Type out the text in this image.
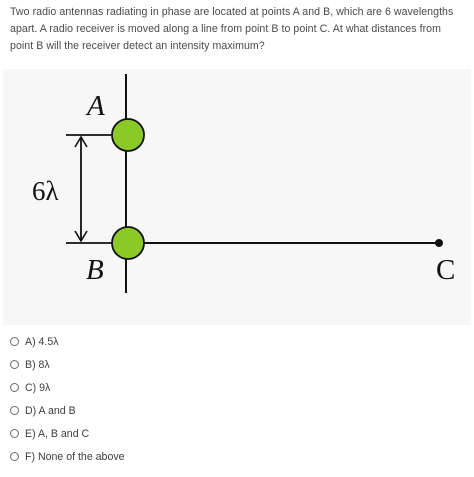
Two radio antennas radiating in phase are located at points A and B, which are 6 wavelengths apart. A radio receiver is moved along a line from point B to point C. At what distances from point B will the receiver detect an intensity maximum?
A
B	C
6λ
A) 4.5λ
B) 8λ
C) 9λ
D) A and B
E) A, B and C
F) None of the above
